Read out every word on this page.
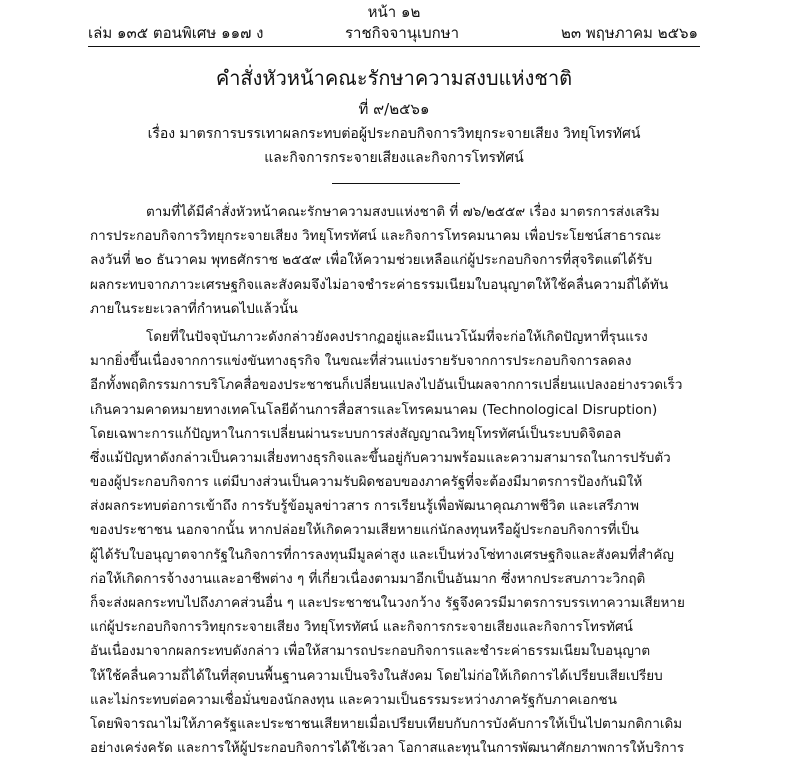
หน้า ๑๒
เล่ม ๑๓๕ ตอนพิเศษ ๑๑๗ ง	ราชกิจจานุเบกษา	๒๓ พฤษภาคม ๒๕๖๑
คำสั่งหัวหน้าคณะรักษาความสงบแห่งชาติ
ที่ ๙/๒๕๖๑
เรื่อง มาตรการบรรเทาผลกระทบต่อผู้ประกอบกิจการวิทยุกระจายเสียง วิทยุโทรทัศน์
และกิจการกระจายเสียงและกิจการโทรทัศน์
ตามที่ได้มีคำสั่งหัวหน้าคณะรักษาความสงบแห่งชาติ ที่ ๗๖/๒๕๕๙ เรื่อง มาตรการส่งเสริม
การประกอบกิจการวิทยุกระจายเสียง วิทยุโทรทัศน์ และกิจการโทรคมนาคม เพื่อประโยชน์สาธารณะ
ลงวันที่ ๒๐ ธันวาคม พุทธศักราช ๒๕๕๙ เพื่อให้ความช่วยเหลือแก่ผู้ประกอบกิจการที่สุจริตแต่ได้รับ
ผลกระทบจากภาวะเศรษฐกิจและสังคมจึงไม่อาจชำระค่าธรรมเนียมใบอนุญาตให้ใช้คลื่นความถี่ได้ทัน
ภายในระยะเวลาที่กำหนดไปแล้วนั้น
โดยที่ในปัจจุบันภาวะดังกล่าวยังคงปรากฏอยู่และมีแนวโน้มที่จะก่อให้เกิดปัญหาที่รุนแรง
มากยิ่งขึ้นเนื่องจากการแข่งขันทางธุรกิจ ในขณะที่ส่วนแบ่งรายรับจากการประกอบกิจการลดลง
อีกทั้งพฤติกรรมการบริโภคสื่อของประชาชนก็เปลี่ยนแปลงไปอันเป็นผลจากการเปลี่ยนแปลงอย่างรวดเร็ว
เกินความคาดหมายทางเทคโนโลยีด้านการสื่อสารและโทรคมนาคม (Technological Disruption)
โดยเฉพาะการแก้ปัญหาในการเปลี่ยนผ่านระบบการส่งสัญญาณวิทยุโทรทัศน์เป็นระบบดิจิตอล
ซึ่งแม้ปัญหาดังกล่าวเป็นความเสี่ยงทางธุรกิจและขึ้นอยู่กับความพร้อมและความสามารถในการปรับตัว
ของผู้ประกอบกิจการ แต่มีบางส่วนเป็นความรับผิดชอบของภาครัฐที่จะต้องมีมาตรการป้องกันมิให้
ส่งผลกระทบต่อการเข้าถึง การรับรู้ข้อมูลข่าวสาร การเรียนรู้เพื่อพัฒนาคุณภาพชีวิต และเสรีภาพ
ของประชาชน นอกจากนั้น หากปล่อยให้เกิดความเสียหายแก่นักลงทุนหรือผู้ประกอบกิจการที่เป็น
ผู้ได้รับใบอนุญาตจากรัฐในกิจการที่การลงทุนมีมูลค่าสูง และเป็นห่วงโซ่ทางเศรษฐกิจและสังคมที่สำคัญ
ก่อให้เกิดการจ้างงานและอาชีพต่าง ๆ ที่เกี่ยวเนื่องตามมาอีกเป็นอันมาก ซึ่งหากประสบภาวะวิกฤติ
ก็จะส่งผลกระทบไปถึงภาคส่วนอื่น ๆ และประชาชนในวงกว้าง รัฐจึงควรมีมาตรการบรรเทาความเสียหาย
แก่ผู้ประกอบกิจการวิทยุกระจายเสียง วิทยุโทรทัศน์ และกิจการกระจายเสียงและกิจการโทรทัศน์
อันเนื่องมาจากผลกระทบดังกล่าว เพื่อให้สามารถประกอบกิจการและชำระค่าธรรมเนียมใบอนุญาต
ให้ใช้คลื่นความถี่ได้ในที่สุดบนพื้นฐานความเป็นจริงในสังคม โดยไม่ก่อให้เกิดการได้เปรียบเสียเปรียบ
และไม่กระทบต่อความเชื่อมั่นของนักลงทุน และความเป็นธรรมระหว่างภาครัฐกับภาคเอกชน
โดยพิจารณาไม่ให้ภาครัฐและประชาชนเสียหายเมื่อเปรียบเทียบกับการบังคับการให้เป็นไปตามกติกาเดิม
อย่างเคร่งครัด และการให้ผู้ประกอบกิจการได้ใช้เวลา โอกาสและทุนในการพัฒนาศักยภาพการให้บริการ
